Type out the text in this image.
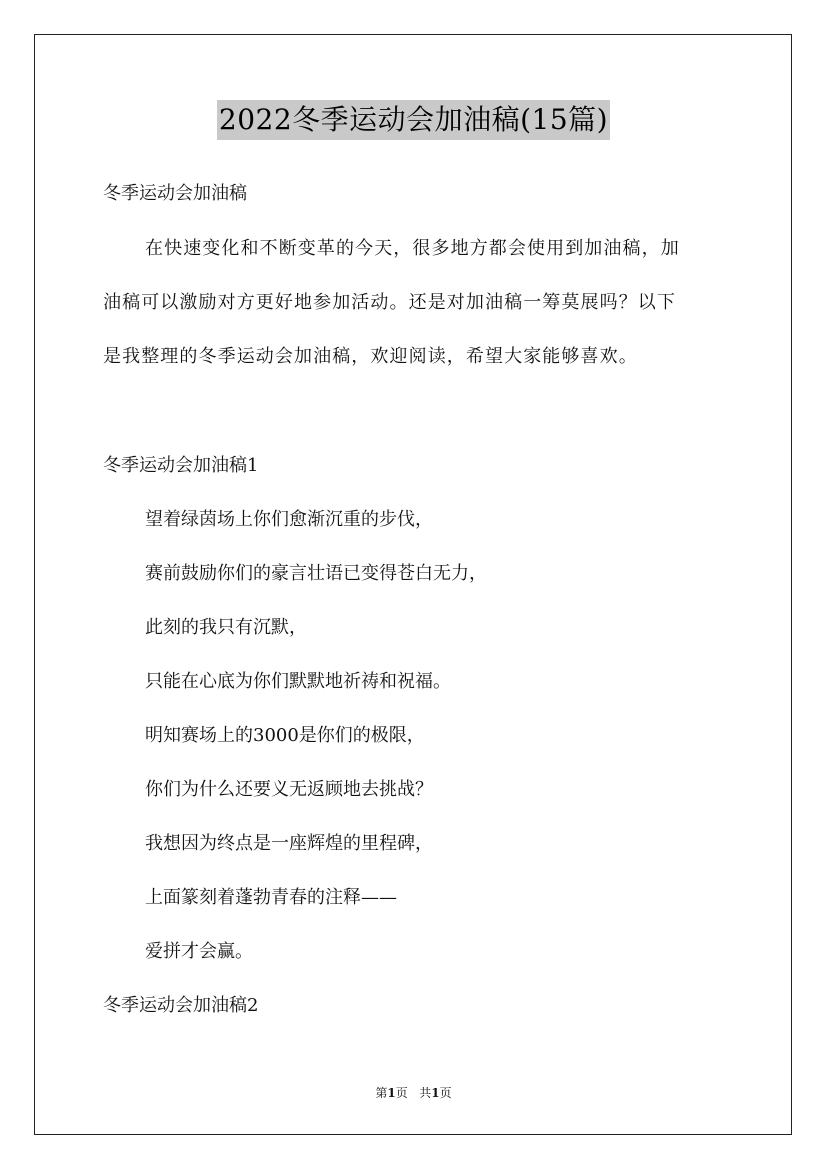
2022冬季运动会加油稿(15篇)
冬季运动会加油稿
在快速变化和不断变革的今天，很多地方都会使用到加油稿，加
油稿可以激励对方更好地参加活动。还是对加油稿一筹莫展吗？以下
是我整理的冬季运动会加油稿，欢迎阅读，希望大家能够喜欢。
冬季运动会加油稿1
望着绿茵场上你们愈渐沉重的步伐，
赛前鼓励你们的豪言壮语已变得苍白无力，
此刻的我只有沉默，
只能在心底为你们默默地祈祷和祝福。
明知赛场上的3000是你们的极限，
你们为什么还要义无返顾地去挑战？
我想因为终点是一座辉煌的里程碑，
上面篆刻着蓬勃青春的注释——
爱拼才会赢。
冬季运动会加油稿2
第1页 共1页
